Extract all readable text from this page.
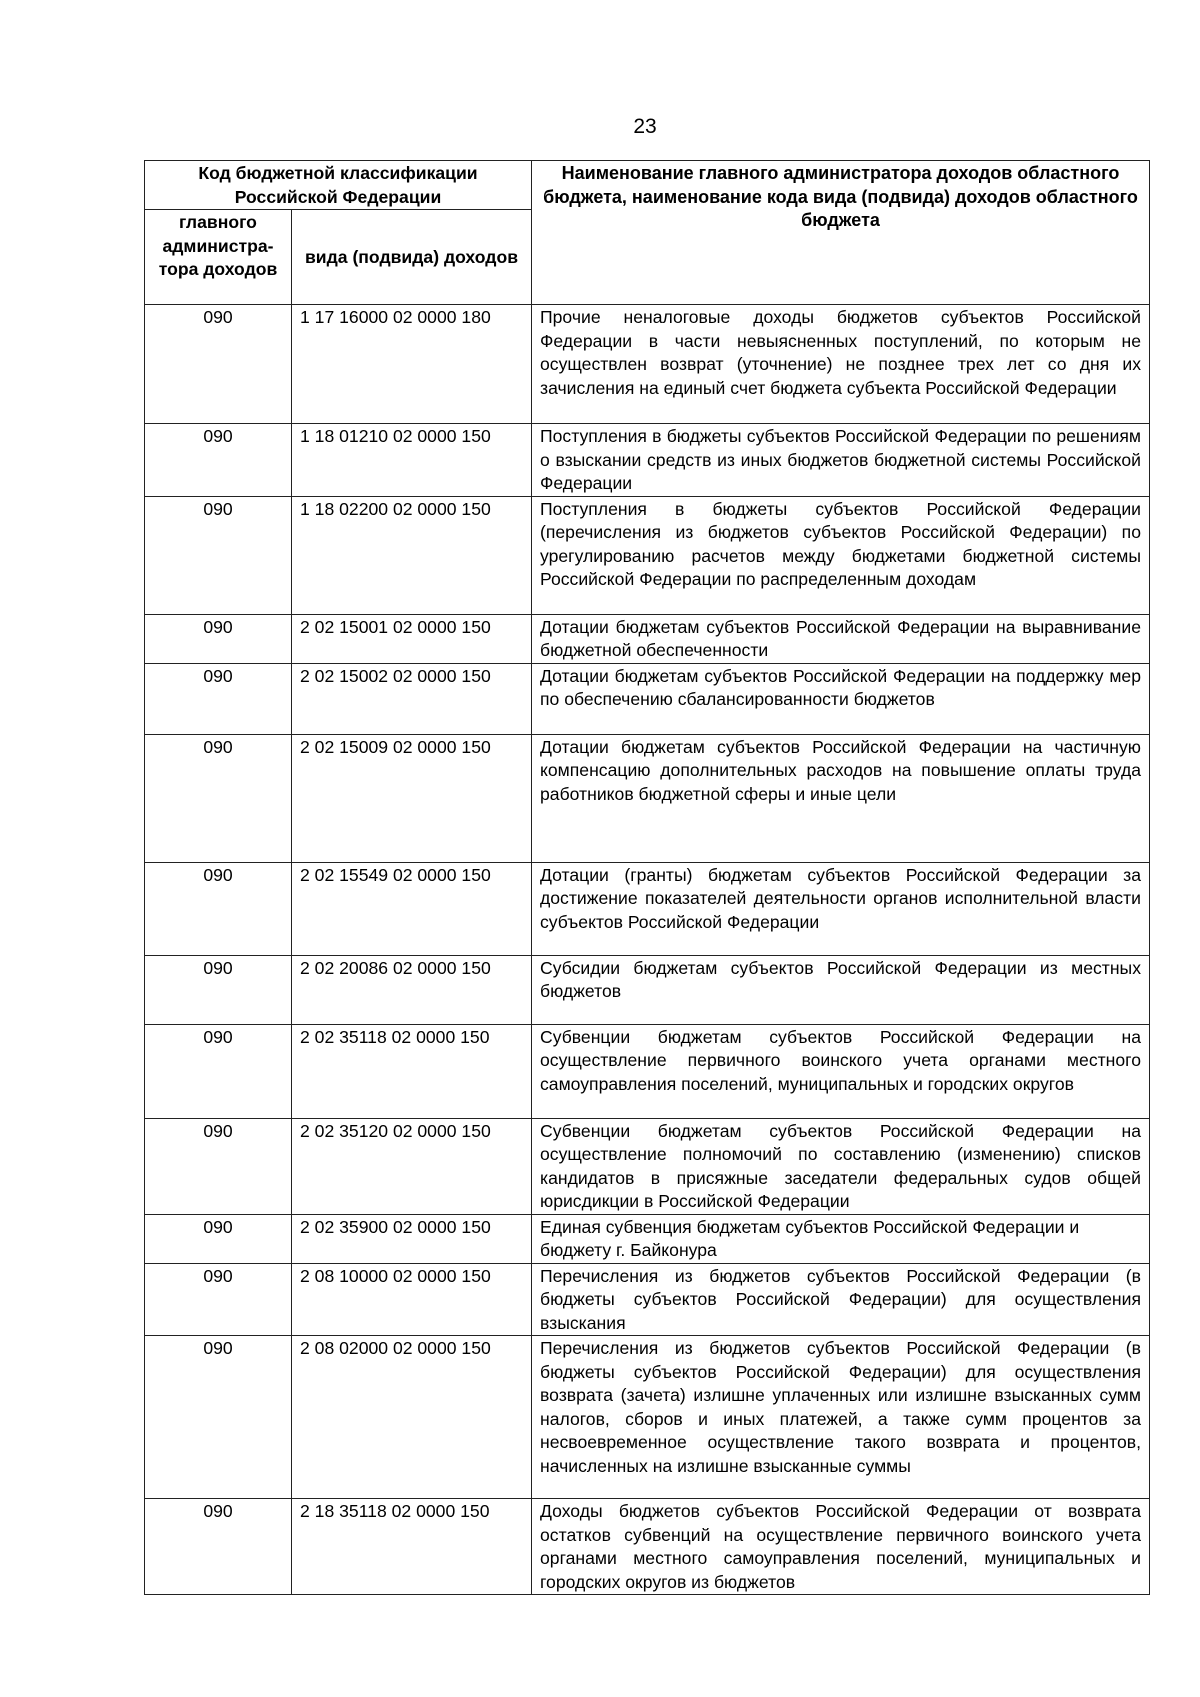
23
Код бюджетной классификации Российской Федерации		Наименование главного администратора доходов областного бюджета, наименование кода вида (подвида) доходов областного бюджета
главного администра-тора доходов	вида (подвида) доходов	
090	1 17 16000 02 0000 180	Прочие неналоговые доходы бюджетов субъектов Российской Федерации в части невыясненных поступлений, по которым не осуществлен возврат (уточнение) не позднее трех лет со дня их зачисления на единый счет бюджета субъекта Российской Федерации
090	1 18 01210 02 0000 150	Поступления в бюджеты субъектов Российской Федерации по решениям о взыскании средств из иных бюджетов бюджетной системы Российской Федерации
090	1 18 02200 02 0000 150	Поступления в бюджеты субъектов Российской Федерации (перечисления из бюджетов субъектов Российской Федерации) по урегулированию расчетов между бюджетами бюджетной системы Российской Федерации по распределенным доходам
090	2 02 15001 02 0000 150	Дотации бюджетам субъектов Российской Федерации на выравнивание бюджетной обеспеченности
090	2 02 15002 02 0000 150	Дотации бюджетам субъектов Российской Федерации на поддержку мер по обеспечению сбалансированности бюджетов
090	2 02 15009 02 0000 150	Дотации бюджетам субъектов Российской Федерации на частичную компенсацию дополнительных расходов на повышение оплаты труда работников бюджетной сферы и иные цели
090	2 02 15549 02 0000 150	Дотации (гранты) бюджетам субъектов Российской Федерации за достижение показателей деятельности органов исполнительной власти субъектов Российской Федерации
090	2 02 20086 02 0000 150	Субсидии бюджетам субъектов Российской Федерации из местных бюджетов
090	2 02 35118 02 0000 150	Субвенции бюджетам субъектов Российской Федерации на осуществление первичного воинского учета органами местного самоуправления поселений, муниципальных и городских округов
090	2 02 35120 02 0000 150	Субвенции бюджетам субъектов Российской Федерации на осуществление полномочий по составлению (изменению) списков кандидатов в присяжные заседатели федеральных судов общей юрисдикции в Российской Федерации
090	2 02 35900 02 0000 150	Единая субвенция бюджетам субъектов Российской Федерации и бюджету г. Байконура
090	2 08 10000 02 0000 150	Перечисления из бюджетов субъектов Российской Федерации (в бюджеты субъектов Российской Федерации) для осуществления взыскания
090	2 08 02000 02 0000 150	Перечисления из бюджетов субъектов Российской Федерации (в бюджеты субъектов Российской Федерации) для осуществления возврата (зачета) излишне уплаченных или излишне взысканных сумм налогов, сборов и иных платежей, а также сумм процентов за несвоевременное осуществление такого возврата и процентов, начисленных на излишне взысканные суммы
090	2 18 35118 02 0000 150	Доходы бюджетов субъектов Российской Федерации от возврата остатков субвенций на осуществление первичного воинского учета органами местного самоуправления поселений, муниципальных и городских округов из бюджетов
